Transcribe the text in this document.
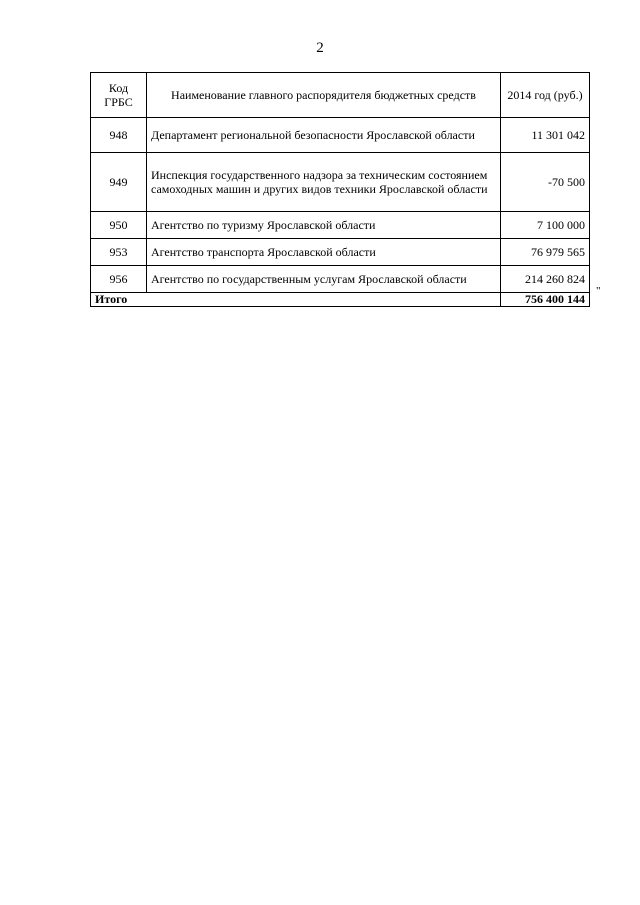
2
Код ГРБС	Наименование главного распорядителя бюджетных средств	2014 год (руб.)
948	Департамент региональной безопасности Ярославской области	11 301 042
949	Инспекция государственного надзора за техническим состоянием самоходных машин и других видов техники Ярославской области	-70 500
950	Агентство по туризму Ярославской области	7 100 000
953	Агентство транспорта Ярославской области	76 979 565
956	Агентство по государственным услугам Ярославской области	214 260 824
Итого		756 400 144
"
